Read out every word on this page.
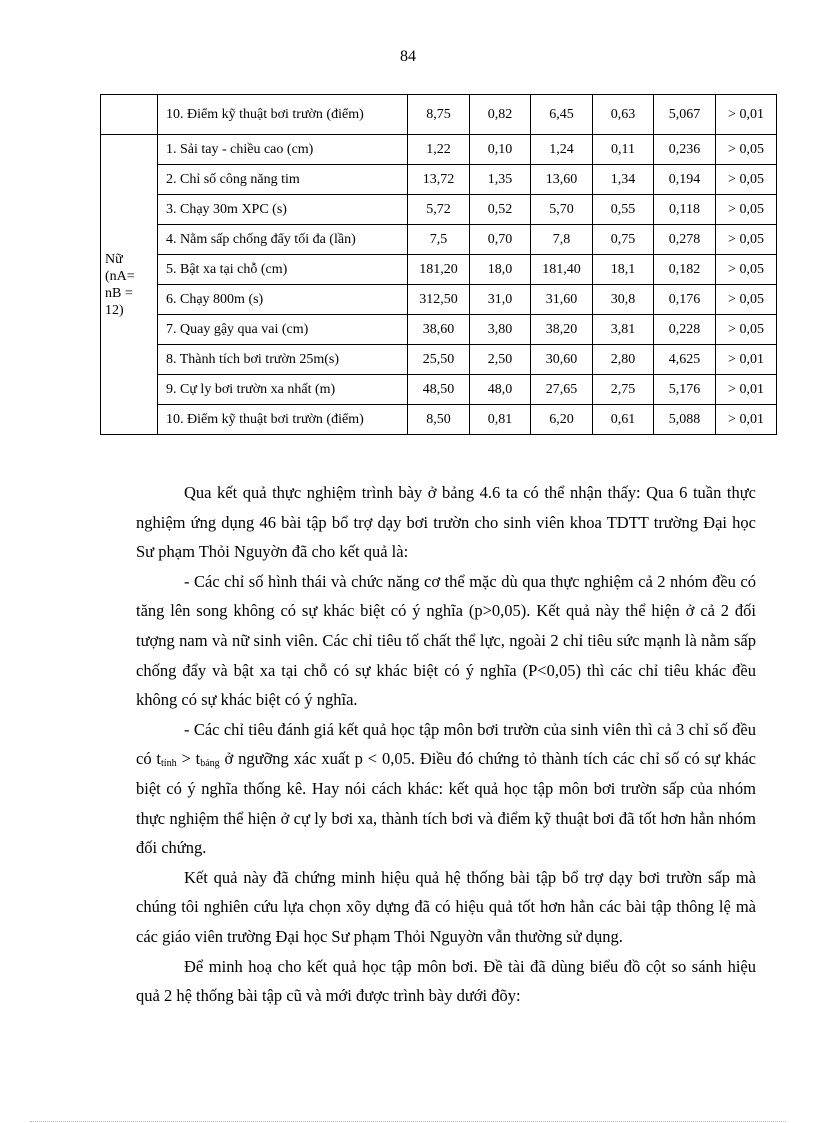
84
	10. Điểm kỹ thuật bơi trườn (điểm)	8,75	0,82	6,45	0,63	5,067	> 0,01

Nữ
(nA=
nB =
12)	1. Sải tay - chiều cao (cm)	1,22	0,10	1,24	0,11	0,236	> 0,05
	2. Chỉ số công năng tim	13,72	1,35	13,60	1,34	0,194	> 0,05
	3. Chạy 30m XPC (s)	5,72	0,52	5,70	0,55	0,118	> 0,05
	4. Nằm sấp chống đẩy tối đa (lần)	7,5	0,70	7,8	0,75	0,278	> 0,05
	5. Bật xa tại chỗ (cm)	181,20	18,0	181,40	18,1	0,182	> 0,05
	6. Chạy 800m (s)	312,50	31,0	31,60	30,8	0,176	> 0,05
	7. Quay gậy qua vai (cm)	38,60	3,80	38,20	3,81	0,228	> 0,05
	8. Thành tích bơi trườn 25m(s)	25,50	2,50	30,60	2,80	4,625	> 0,01
	9. Cự ly bơi trườn xa nhất (m)	48,50	48,0	27,65	2,75	5,176	> 0,01
	10. Điểm kỹ thuật bơi trườn (điểm)	8,50	0,81	6,20	0,61	5,088	> 0,01

Qua kết quả thực nghiệm trình bày ở bảng 4.6 ta có thể nhận thấy: Qua 6 tuần thực nghiệm ứng dụng 46 bài tập bổ trợ dạy bơi trườn cho sinh viên khoa TDTT trường Đại học Sư phạm Thỏi Nguyờn đã cho kết quả là:

- Các chỉ số hình thái và chức năng cơ thể mặc dù qua thực nghiệm cả 2 nhóm đều có tăng lên song không có sự khác biệt có ý nghĩa (p>0,05). Kết quả này thể hiện ở cả 2 đối tượng nam và nữ sinh viên. Các chỉ tiêu tố chất thể lực, ngoài 2 chỉ tiêu sức mạnh là nằm sấp chống đẩy và bật xa tại chỗ có sự khác biệt có ý nghĩa (P<0,05) thì các chỉ tiêu khác đều không có sự khác biệt có ý nghĩa.

- Các chỉ tiêu đánh giá kết quả học tập môn bơi trườn của sinh viên thì cả 3 chỉ số đều có $t_{tính} > t_{bảng}$ ở ngưỡng xác xuất p < 0,05. Điều đó chứng tỏ thành tích các chỉ số có sự khác biệt có ý nghĩa thống kê. Hay nói cách khác: kết quả học tập môn bơi trườn sấp của nhóm thực nghiệm thể hiện ở cự ly bơi xa, thành tích bơi và điểm kỹ thuật bơi đã tốt hơn hẳn nhóm đối chứng.

Kết quả này đã chứng minh hiệu quả hệ thống bài tập bổ trợ dạy bơi trườn sấp mà chúng tôi nghiên cứu lựa chọn xõy dựng đã có hiệu quả tốt hơn hẳn các bài tập thông lệ mà các giáo viên trường Đại học Sư phạm Thỏi Nguyờn vẫn thường sử dụng.

Để minh hoạ cho kết quả học tập môn bơi. Đề tài đã dùng biểu đồ cột so sánh hiệu quả 2 hệ thống bài tập cũ và mới được trình bày dưới đõy:
